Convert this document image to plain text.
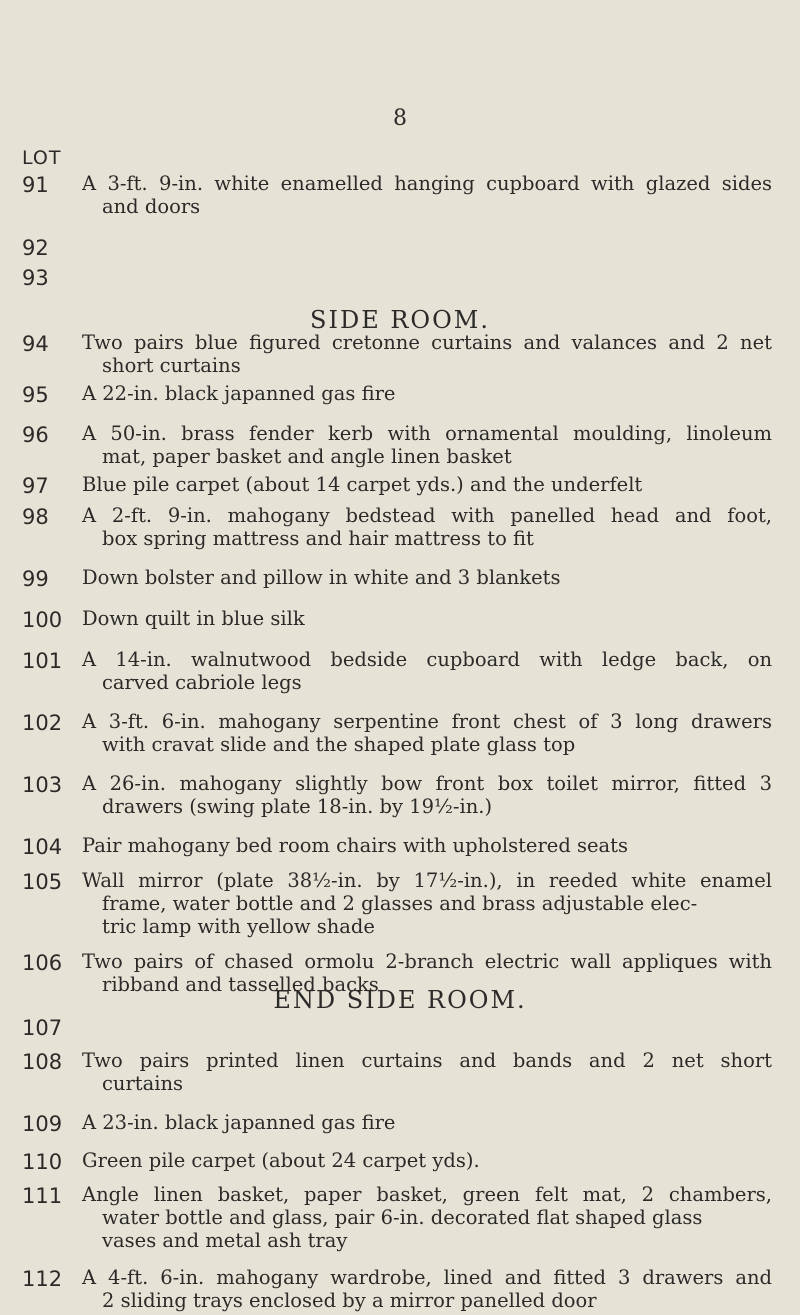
8
LOT
SIDE ROOM.
END SIDE ROOM.
91	A 3-ft. 9-in. white enamelled hanging cupboard with glazed sides
and doors
92
93
94	Two pairs blue figured cretonne curtains and valances and 2 net
short curtains
95	A 22-in. black japanned gas fire
96	A 50-in. brass fender kerb with ornamental moulding, linoleum
mat, paper basket and angle linen basket
97	Blue pile carpet (about 14 carpet yds.) and the underfelt
98	A 2-ft. 9-in. mahogany bedstead with panelled head and foot,
box spring mattress and hair mattress to fit
99	Down bolster and pillow in white and 3 blankets
100	Down quilt in blue silk
101	A 14-in. walnutwood bedside cupboard with ledge back, on
carved cabriole legs
102	A 3-ft. 6-in. mahogany serpentine front chest of 3 long drawers
with cravat slide and the shaped plate glass top
103	A 26-in. mahogany slightly bow front box toilet mirror, fitted 3
drawers (swing plate 18-in. by 19½-in.)
104	Pair mahogany bed room chairs with upholstered seats
105	Wall mirror (plate 38½-in. by 17½-in.), in reeded white enamel
frame, water bottle and 2 glasses and brass adjustable elec-
tric lamp with yellow shade
106	Two pairs of chased ormolu 2-branch electric wall appliques with
ribband and tasselled backs
107
108	Two pairs printed linen curtains and bands and 2 net short
curtains
109	A 23-in. black japanned gas fire
110	Green pile carpet (about 24 carpet yds).
111	Angle linen basket, paper basket, green felt mat, 2 chambers,
water bottle and glass, pair 6-in. decorated flat shaped glass
vases and metal ash tray
112	A 4-ft. 6-in. mahogany wardrobe, lined and fitted 3 drawers and
2 sliding trays enclosed by a mirror panelled door
